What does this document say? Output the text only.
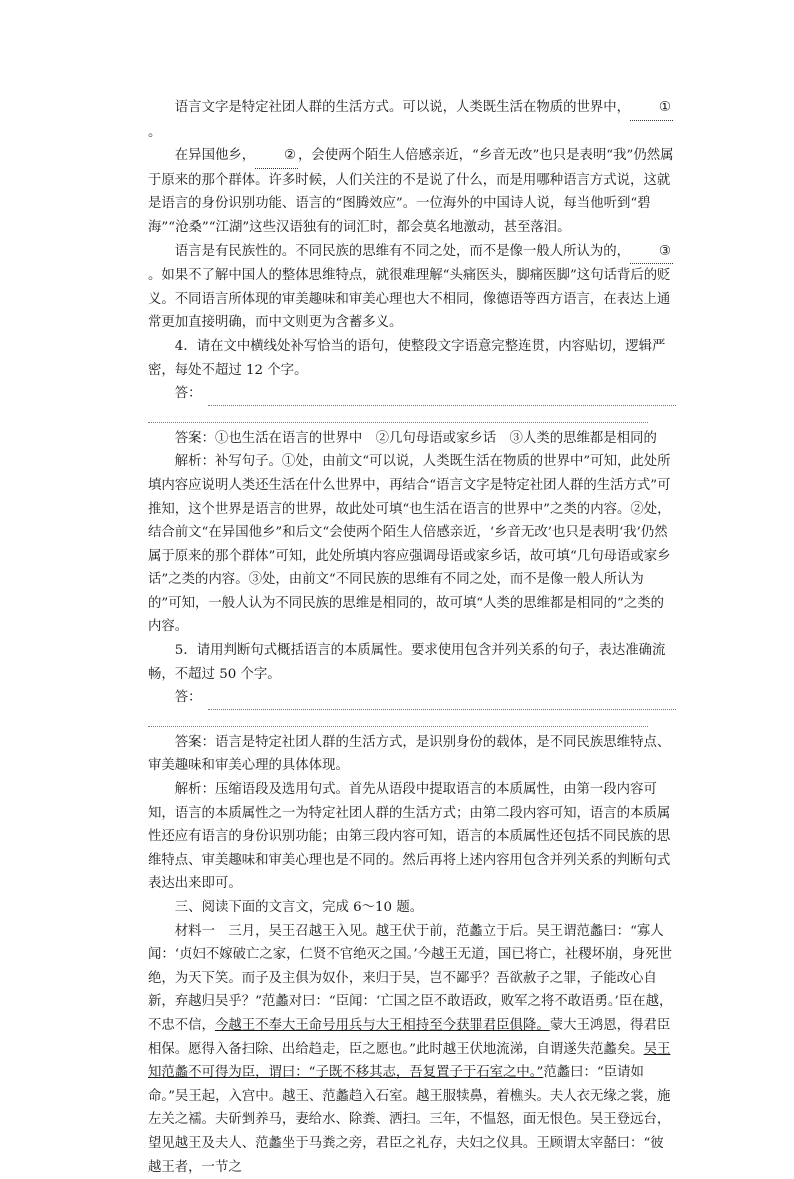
语言文字是特定社团人群的生活方式。可以说，人类既生活在物质的世界中， ①。

在异国他乡， ② ，会使两个陌生人倍感亲近，“乡音无改”也只是表明“我”仍然属于原来的那个群体。许多时候，人们关注的不是说了什么，而是用哪种语言方式说，这就是语言的身份识别功能、语言的“图腾效应”。一位海外的中国诗人说，每当他听到“碧海”“沧桑”“江湖”这些汉语独有的词汇时，都会莫名地激动，甚至落泪。

语言是有民族性的。不同民族的思维有不同之处，而不是像一般人所认为的， ③。如果不了解中国人的整体思维特点，就很难理解“头痛医头，脚痛医脚”这句话背后的贬义。不同语言所体现的审美趣味和审美心理也大不相同，像德语等西方语言，在表达上通常更加直接明确，而中文则更为含蓄多义。

4．请在文中横线处补写恰当的语句，使整段文字语意完整连贯，内容贴切，逻辑严密，每处不超过 12 个字。

答：

答案：①也生活在语言的世界中　②几句母语或家乡话　③人类的思维都是相同的

解析：补写句子。①处，由前文“可以说，人类既生活在物质的世界中”可知，此处所填内容应说明人类还生活在什么世界中，再结合“语言文字是特定社团人群的生活方式”可推知，这个世界是语言的世界，故此处可填“也生活在语言的世界中”之类的内容。②处，结合前文“在异国他乡”和后文“会使两个陌生人倍感亲近，‘乡音无改’也只是表明‘我’仍然属于原来的那个群体”可知，此处所填内容应强调母语或家乡话，故可填“几句母语或家乡话”之类的内容。③处，由前文“不同民族的思维有不同之处，而不是像一般人所认为的”可知，一般人认为不同民族的思维是相同的，故可填“人类的思维都是相同的”之类的内容。

5．请用判断句式概括语言的本质属性。要求使用包含并列关系的句子，表达准确流畅，不超过 50 个字。

答：

答案：语言是特定社团人群的生活方式，是识别身份的载体，是不同民族思维特点、审美趣味和审美心理的具体体现。

解析：压缩语段及选用句式。首先从语段中提取语言的本质属性，由第一段内容可知，语言的本质属性之一为特定社团人群的生活方式；由第二段内容可知，语言的本质属性还应有语言的身份识别功能；由第三段内容可知，语言的本质属性还包括不同民族的思维特点、审美趣味和审美心理也是不同的。然后再将上述内容用包含并列关系的判断句式表达出来即可。

三、阅读下面的文言文，完成 6～10 题。

材料一　三月，吴王召越王入见。越王伏于前，范蠡立于后。吴王谓范蠡曰：“寡人闻：‘贞妇不嫁破亡之家，仁贤不官绝灭之国。’今越王无道，国已将亡，社稷坏崩，身死世绝，为天下笑。而子及主俱为奴仆，来归于吴，岂不鄙乎？吾欲赦子之罪，子能改心自新，弃越归吴乎？”范蠡对曰：“臣闻：‘亡国之臣不敢语政，败军之将不敢语勇。’臣在越，不忠不信，今越王不奉大王命号用兵与大王相持至今获罪君臣俱降。蒙大王鸿恩，得君臣相保。愿得入备扫除、出给趋走，臣之愿也。”此时越王伏地流涕，自谓遂失范蠡矣。吴王知范蠡不可得为臣，谓曰：“子既不移其志，吾复置子于石室之中。”范蠡曰：“臣请如命。”吴王起，入宫中。越王、范蠡趋入石室。越王服犊鼻，着樵头。夫人衣无缘之裳，施左关之襦。夫斫剉养马，妻给水、除粪、洒扫。三年，不愠怒，面无恨色。吴王登远台，望见越王及夫人、范蠡坐于马粪之旁，君臣之礼存，夫妇之仪具。王顾谓太宰嚭曰：“彼越王者，一节之
